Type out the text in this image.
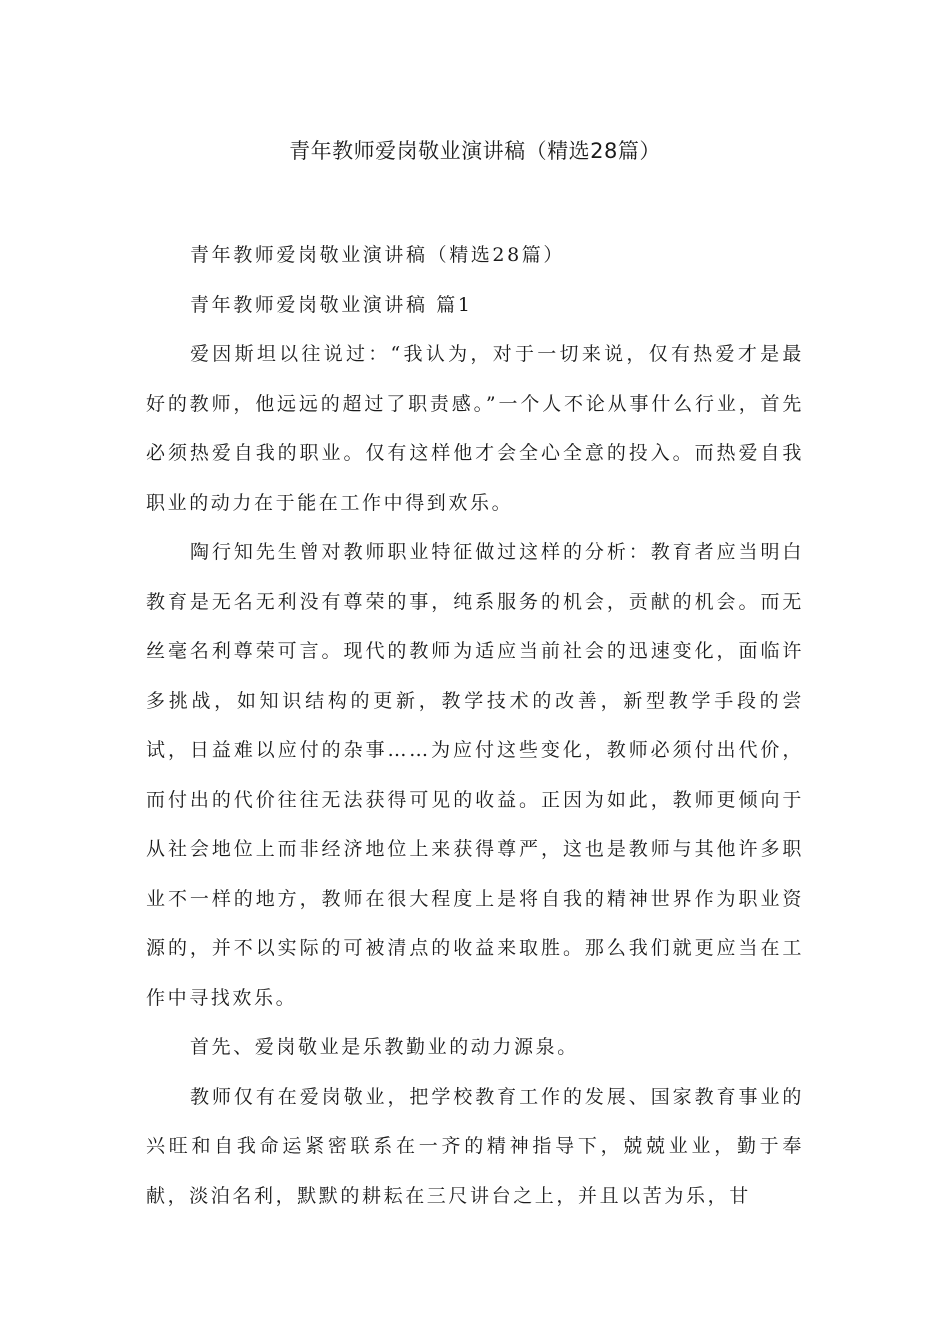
青年教师爱岗敬业演讲稿（精选28篇）

青年教师爱岗敬业演讲稿（精选28篇）

青年教师爱岗敬业演讲稿 篇1

爱因斯坦以往说过：“我认为，对于一切来说，仅有热爱才是最好的教师，他远远的超过了职责感。”一个人不论从事什么行业，首先必须热爱自我的职业。仅有这样他才会全心全意的投入。而热爱自我职业的动力在于能在工作中得到欢乐。

陶行知先生曾对教师职业特征做过这样的分析：教育者应当明白教育是无名无利没有尊荣的事，纯系服务的机会，贡献的机会。而无丝毫名利尊荣可言。现代的教师为适应当前社会的迅速变化，面临许多挑战，如知识结构的更新，教学技术的改善，新型教学手段的尝试，日益难以应付的杂事……为应付这些变化，教师必须付出代价，而付出的代价往往无法获得可见的收益。正因为如此，教师更倾向于从社会地位上而非经济地位上来获得尊严，这也是教师与其他许多职业不一样的地方，教师在很大程度上是将自我的精神世界作为职业资源的，并不以实际的可被清点的收益来取胜。那么我们就更应当在工作中寻找欢乐。

首先、爱岗敬业是乐教勤业的动力源泉。

教师仅有在爱岗敬业，把学校教育工作的发展、国家教育事业的兴旺和自我命运紧密联系在一齐的精神指导下，兢兢业业，勤于奉献，淡泊名利，默默的耕耘在三尺讲台之上，并且以苦为乐，甘
